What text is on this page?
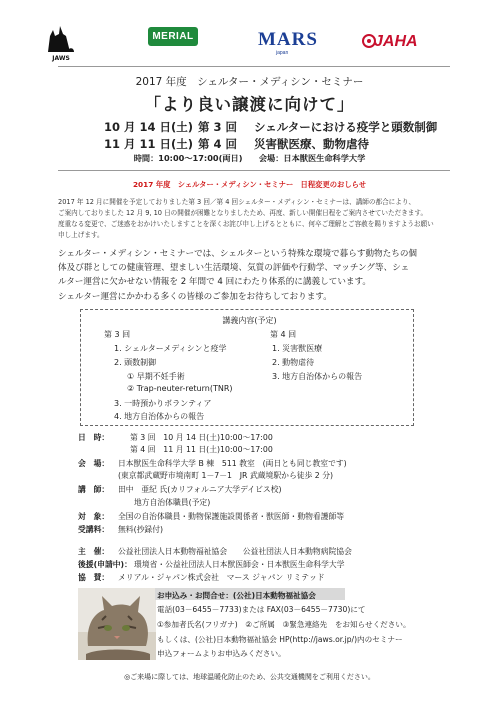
JAWS
MERIAL	MARS
japan
JAHA
2017 年度　シェルター・メディシン・セミナー
「より良い譲渡に向けて」
10 月 14 日(土) 第 3 回 シェルターにおける疫学と頭数制御
11 月 11 日(土) 第 4 回 災害獣医療、動物虐待
時間：10:00～17:00(両日)　　会場：日本獣医生命科学大学
2017 年度　シェルター・メディシン・セミナー　日程変更のおしらせ
2017 年 12 月に開催を予定しておりました第 3 回／第 4 回シェルター・メディシン・セミナーは、講師の都合により、
ご案内しておりました 12 月 9, 10 日の開催が困難となりましたため、再度、新しい開催日程をご案内させていただきます。
度重なる変更で、ご迷惑をおかけいたしますことを深くお詫び申し上げるとともに、何卒ご理解とご容赦を賜りますようお願い
申し上げます。
シェルター・メディシン・セミナーでは、シェルターという特殊な環境で暮らす動物たちの個
体及び群としての健康管理、望ましい生活環境、気質の評価や行動学、マッチング等、シェ
ルター運営に欠かせない情報を 2 年間で 4 回にわたり体系的に講義しています。
シェルター運営にかかわる多くの皆様のご参加をお待ちしております。
講義内容(予定)
第 3 回
1. シェルターメディシンと疫学
2. 頭数制御
① 早期不妊手術
② Trap-neuter-return(TNR)
3. 一時預かりボランティア
4. 地方自治体からの報告
第 4 回
1. 災害獣医療
2. 動物虐待
3. 地方自治体からの報告
日　時：	第 3 回　10 月 14 日(土)10:00～17:00
第 4 回　11 月 11 日(土)10:00～17:00
会　場： 日本獣医生命科学大学 B 棟　511 教室　(両日とも同じ教室です)
(東京都武蔵野市境南町 1－7－1　JR 武蔵境駅から徒歩 2 分)
講　師： 田中　亜紀 氏(カリフォルニア大学デイビス校)
地方自治体職員(予定)
対　象： 全国の自治体職員・動物保護施設関係者・獣医師・動物看護師等
受講料： 無料(抄録付)
主　催： 公益社団法人日本動物福祉協会　　公益社団法人日本動物病院協会
後援(申請中)： 環境省・公益社団法人日本獣医師会・日本獣医生命科学大学
協　賛： メリアル・ジャパン株式会社　マース ジャパン リミテッド
お申込み・お問合せ：(公社)日本動物福祉協会
電話(03－6455－7733)または FAX(03－6455－7730)にて
①参加者氏名(フリガナ)　②ご所属　③緊急連絡先　をお知らせください。
もしくは、(公社)日本動物福祉協会 HP(http://jaws.or.jp/)内のセミナー
申込フォームよりお申込みください。
◎ご来場に際しては、地球温暖化防止のため、公共交通機関をご利用ください。
